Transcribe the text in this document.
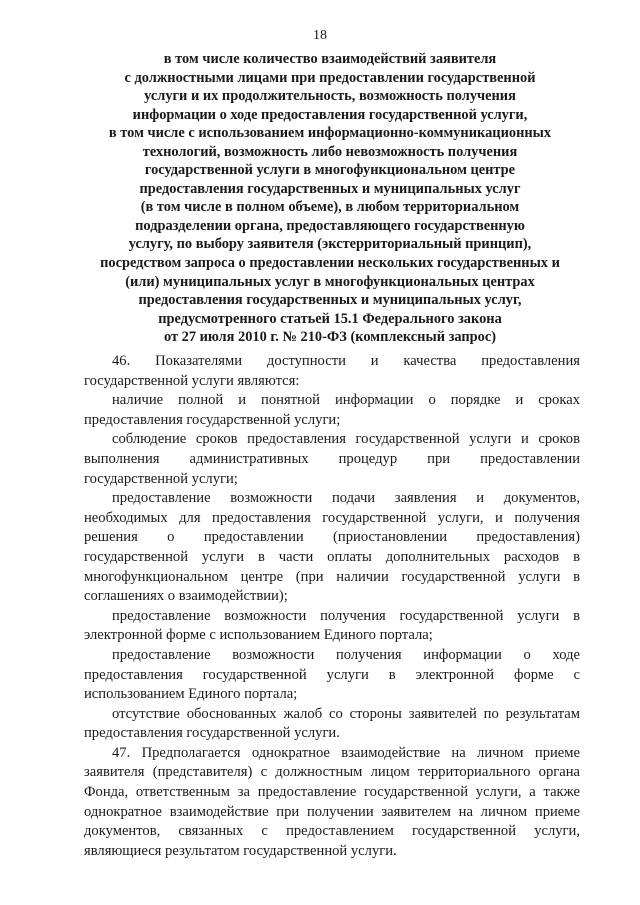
18
в том числе количество взаимодействий заявителя
с должностными лицами при предоставлении государственной
услуги и их продолжительность, возможность получения
информации о ходе предоставления государственной услуги,
в том числе с использованием информационно-коммуникационных
технологий, возможность либо невозможность получения
государственной услуги в многофункциональном центре
предоставления государственных и муниципальных услуг
(в том числе в полном объеме), в любом территориальном
подразделении органа, предоставляющего государственную
услугу, по выбору заявителя (экстерриториальный принцип),
посредством запроса о предоставлении нескольких государственных и
(или) муниципальных услуг в многофункциональных центрах
предоставления государственных и муниципальных услуг,
предусмотренного статьей 15.1 Федерального закона
от 27 июля 2010 г. № 210-ФЗ (комплексный запрос)

46. Показателями доступности и качества предоставления государственной услуги являются:

наличие полной и понятной информации о порядке и сроках предоставления государственной услуги;

соблюдение сроков предоставления государственной услуги и сроков выполнения административных процедур при предоставлении государственной услуги;

предоставление возможности подачи заявления и документов, необходимых для предоставления государственной услуги, и получения решения о предоставлении (приостановлении предоставления) государственной услуги в части оплаты дополнительных расходов в многофункциональном центре (при наличии государственной услуги в соглашениях о взаимодействии);

предоставление возможности получения государственной услуги в электронной форме с использованием Единого портала;

предоставление возможности получения информации о ходе предоставления государственной услуги в электронной форме с использованием Единого портала;

отсутствие обоснованных жалоб со стороны заявителей по результатам предоставления государственной услуги.

47. Предполагается однократное взаимодействие на личном приеме заявителя (представителя) с должностным лицом территориального органа Фонда, ответственным за предоставление государственной услуги, а также однократное взаимодействие при получении заявителем на личном приеме документов, связанных с предоставлением государственной услуги, являющиеся результатом государственной услуги.
